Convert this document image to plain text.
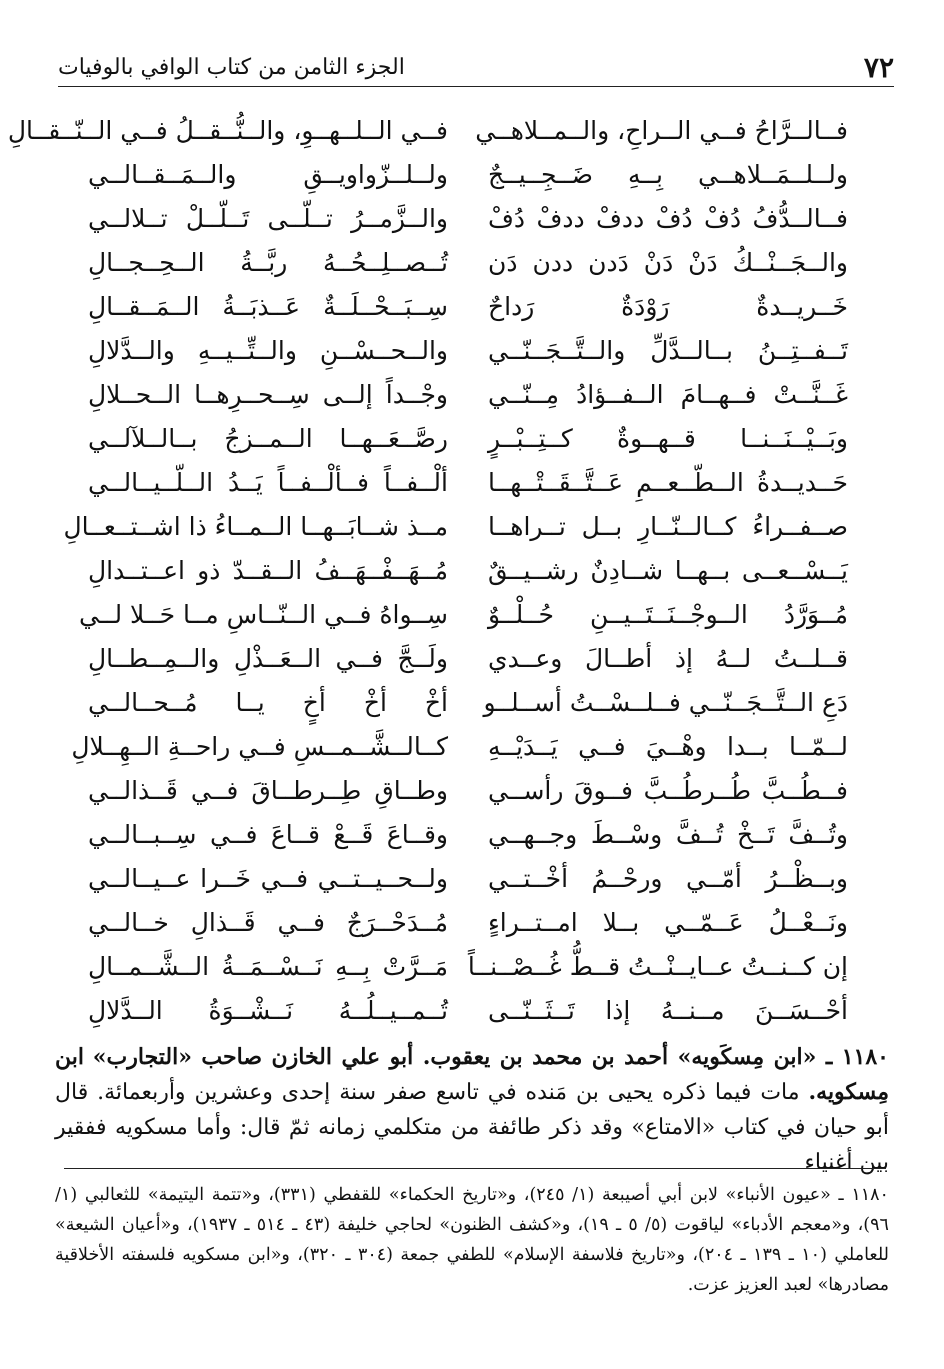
٧٢
الجزء الثامن من كتاب الوافي بالوفيات
فــالــرَّاحُ فــي الــراحِ، والــمــلاهــي
فــي الــلــهــوِ، والــنُّــقــلُ فــي الــنّــقــالِ
ولــلــمَــلاهــي بِــهِ ضَــجِــيــجٌ
ولــلــزّواويــقِ والــمَــقــالــي
فــالــدُّفُ دُفْ دُفْ ددفْ ددفْ دُفْ
والــزَّمــرُ تــلّــى تَــلّــلْ تــلالــي
والــجَــنْــكُ دَنْ دَنْ دَدن ددن دَن
تُــصــلِــحُــهُ ربَّــةُ الــحِــجــالِ
خَــريــدةٌ رَوْدَةٌ رَداحٌ
سِــبَــحْــلَــةٌ عَــذبَــةُ الــمَــقــالِ
تَــفــتِــنُ بــالــدَّلِّ والــتَّــجَــنّــي
والــحــسْــنِ والــتِّــيــهِ والــدَّلالِ
غَــنَّــتْ فــهــامَ الــفــؤادُ مِــنّــي
وجْــداً إلــى سِــحــرِهــا الــحــلالِ
وبَــيْــنَــنــا قــهــوةٌ كــتِــبْــرٍ
رصَّــعَــهــا الــمــزجُ بــالــلآلــي
حَــديــدةُ الــطّــعــمِ عَــتَّــقَــتْــهــا
ألْــفــاً فــألْــفــاً يَــدُ الــلّــيــالــي
صــفــراءُ كــالــنّــارِ بــل تــراهــا
مــذ شــابَــهــا الــمــاءُ ذا اشــتــعــالِ
يَــسْــعــى بــهــا شــادِنٌ رشــيــقٌ
مُــهَــفْــهَــفُ الــقــدّ ذو اعــتــدالِ
مُــوَرَّدُ الــوجْــنَــتَــيــنِ حُــلْــوٌ
سِــواهُ فــي الــنّــاسِ مــا حَــلا لــي
قــلــتُ لــهُ إذ أطــالَ وعــدي
ولَــجَّ فــي الــعَــذْلِ والــمِــطــالِ
دَعِ الــتَّــجَــنّــي فــلــسْــتُ أســلــو
أخْ أخْ أخٍ يــا مُــحــالــي
لــمّــا بــدا وهْــيَ فــي يَــدَيْــهِ
كــالــشَّــمــسِ فــي راحــةِ الــهِــلالِ
فــطُــبَّ طُــرطُــبَّ فــوقَ رأســي
وطــاقِ طِــرطــاقَ فــي قَــذالــي
وتُــفَّ تَــخْ تُــفَّ وسْــطَ وجــهــي
وقــاعَ قَــعْ قــاعَ فــي سِــبــالــي
وبــظْــرُ أمّــي ورحْــمُ أخْــتــي
ولــحــيــتــي فــي خَــرا عــيــالــي
ونَــعْــلُ عَــمّــي بــلا امــتــراءٍ
مُــدَحْــرَجٌ فــي قَــذالِ خــالــي
إن كــنــتُ عــايــنْــتُ قــطُّ غُــصْــنــاً
مَــرَّتْ بِــهِ نَــسْــمَــةُ الــشَّــمــالِ
أحْــسَــنَ مــنــهُ إذا تَــثَــنّــى
تُــمــيــلُــهُ نَــشْــوَةُ الــدَّلالِ
١١٨٠ ـ «ابن مِسكَويه» أحمد بن محمد بن يعقوب. أبو علي الخازن صاحب «التجارب» ابن مِسكويه. مات فيما ذكره يحيى بن مَنده في تاسع صفر سنة إحدى وعشرين وأربعمائة. قال أبو حيان في كتاب «الامتاع» وقد ذكر طائفة من متكلمي زمانه ثمّ قال: وأما مسكويه ففقير بين أغنياء
١١٨٠ ـ «عيون الأنباء» لابن أبي أصيبعة (١/ ٢٤٥)، و«تاريخ الحكماء» للقفطي (٣٣١)، و«تتمة اليتيمة» للثعالبي (١/ ٩٦)، و«معجم الأدباء» لياقوت (٥/ ٥ ـ ١٩)، و«كشف الظنون» لحاجي خليفة (٤٣ ـ ٥١٤ ـ ١٩٣٧)، و«أعيان الشيعة» للعاملي (١٠ ـ ١٣٩ ـ ٢٠٤)، و«تاريخ فلاسفة الإسلام» للطفي جمعة (٣٠٤ ـ ٣٢٠)، و«ابن مسكويه فلسفته الأخلاقية مصادرها» لعبد العزيز عزت.
